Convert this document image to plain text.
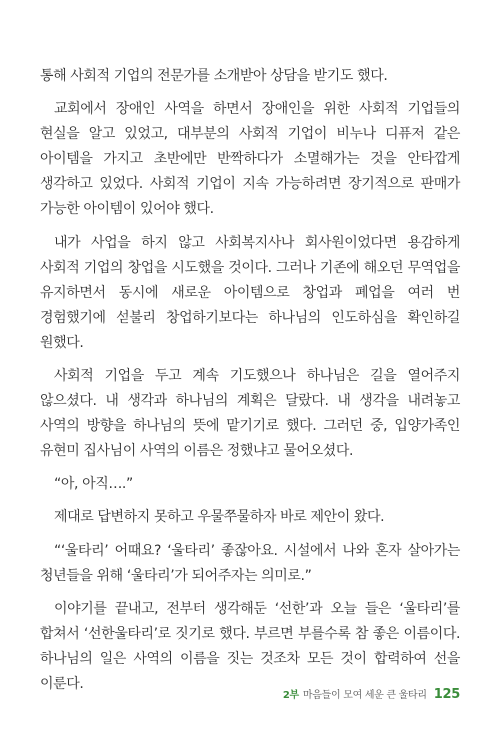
통해 사회적 기업의 전문가를 소개받아 상담을 받기도 했다.

교회에서 장애인 사역을 하면서 장애인을 위한 사회적 기업들의 현실을 알고 있었고, 대부분의 사회적 기업이 비누나 디퓨저 같은 아이템을 가지고 초반에만 반짝하다가 소멸해가는 것을 안타깝게 생각하고 있었다. 사회적 기업이 지속 가능하려면 장기적으로 판매가 가능한 아이템이 있어야 했다.

내가 사업을 하지 않고 사회복지사나 회사원이었다면 용감하게 사회적 기업의 창업을 시도했을 것이다. 그러나 기존에 해오던 무역업을 유지하면서 동시에 새로운 아이템으로 창업과 폐업을 여러 번 경험했기에 섣불리 창업하기보다는 하나님의 인도하심을 확인하길 원했다.

사회적 기업을 두고 계속 기도했으나 하나님은 길을 열어주지 않으셨다. 내 생각과 하나님의 계획은 달랐다. 내 생각을 내려놓고 사역의 방향을 하나님의 뜻에 맡기기로 했다. 그러던 중, 입양가족인 유현미 집사님이 사역의 이름은 정했냐고 물어오셨다.

“아, 아직….”

제대로 답변하지 못하고 우물쭈물하자 바로 제안이 왔다.

“‘울타리’ 어때요? ‘울타리’ 좋잖아요. 시설에서 나와 혼자 살아가는 청년들을 위해 ‘울타리’가 되어주자는 의미로.”

이야기를 끝내고, 전부터 생각해둔 ‘선한’과 오늘 들은 ‘울타리’를 합쳐서 ‘선한울타리’로 짓기로 했다. 부르면 부를수록 참 좋은 이름이다. 하나님의 일은 사역의 이름을 짓는 것조차 모든 것이 합력하여 선을 이룬다.

2부 마음들이 모여 세운 큰 울타리 125
